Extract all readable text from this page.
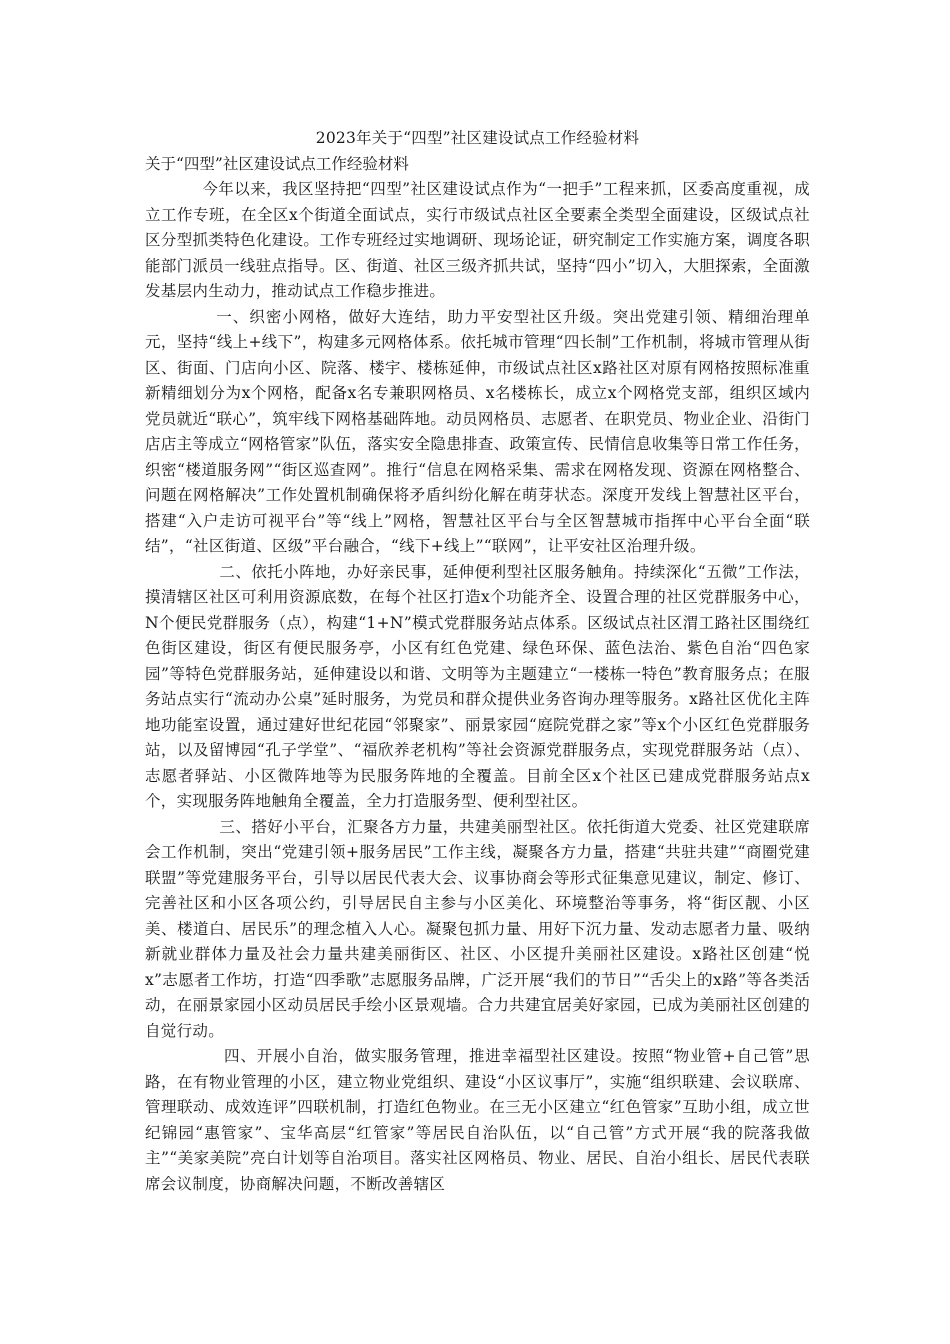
2023年关于“四型”社区建设试点工作经验材料

关于“四型”社区建设试点工作经验材料

今年以来，我区坚持把“四型”社区建设试点作为“一把手”工程来抓，区委高度重视，成立工作专班，在全区x个街道全面试点，实行市级试点社区全要素全类型全面建设，区级试点社区分型抓类特色化建设。工作专班经过实地调研、现场论证，研究制定工作实施方案，调度各职能部门派员一线驻点指导。区、街道、社区三级齐抓共试，坚持“四小”切入，大胆探索，全面激发基层内生动力，推动试点工作稳步推进。

一、织密小网格，做好大连结，助力平安型社区升级。突出党建引领、精细治理单元，坚持“线上+线下”，构建多元网格体系。依托城市管理“四长制”工作机制，将城市管理从街区、街面、门店向小区、院落、楼宇、楼栋延伸，市级试点社区x路社区对原有网格按照标准重新精细划分为x个网格，配备x名专兼职网格员、x名楼栋长，成立x个网格党支部，组织区域内党员就近“联心”，筑牢线下网格基础阵地。动员网格员、志愿者、在职党员、物业企业、沿街门店店主等成立“网格管家”队伍，落实安全隐患排查、政策宣传、民情信息收集等日常工作任务，织密“楼道服务网”“街区巡查网”。推行“信息在网格采集、需求在网格发现、资源在网格整合、问题在网格解决”工作处置机制确保将矛盾纠纷化解在萌芽状态。深度开发线上智慧社区平台，搭建“入户走访可视平台”等“线上”网格，智慧社区平台与全区智慧城市指挥中心平台全面“联结”，“社区街道、区级”平台融合，“线下+线上”“联网”，让平安社区治理升级。

二、依托小阵地，办好亲民事，延伸便利型社区服务触角。持续深化“五微”工作法，摸清辖区社区可利用资源底数，在每个社区打造x个功能齐全、设置合理的社区党群服务中心，N个便民党群服务（点），构建“1+N”模式党群服务站点体系。区级试点社区渭工路社区围绕红色街区建设，街区有便民服务亭，小区有红色党建、绿色环保、蓝色法治、紫色自治“四色家园”等特色党群服务站，延伸建设以和谐、文明等为主题建立“一楼栋一特色”教育服务点；在服务站点实行“流动办公桌”延时服务，为党员和群众提供业务咨询办理等服务。x路社区优化主阵地功能室设置，通过建好世纪花园“邻聚家”、丽景家园“庭院党群之家”等x个小区红色党群服务站，以及留博园“孔子学堂”、“福欣养老机构”等社会资源党群服务点，实现党群服务站（点）、志愿者驿站、小区微阵地等为民服务阵地的全覆盖。目前全区x个社区已建成党群服务站点x个，实现服务阵地触角全覆盖，全力打造服务型、便利型社区。

三、搭好小平台，汇聚各方力量，共建美丽型社区。依托街道大党委、社区党建联席会工作机制，突出“党建引领+服务居民”工作主线，凝聚各方力量，搭建“共驻共建”“商圈党建联盟”等党建服务平台，引导以居民代表大会、议事协商会等形式征集意见建议，制定、修订、完善社区和小区各项公约，引导居民自主参与小区美化、环境整治等事务，将“街区靓、小区美、楼道白、居民乐”的理念植入人心。凝聚包抓力量、用好下沉力量、发动志愿者力量、吸纳新就业群体力量及社会力量共建美丽街区、社区、小区提升美丽社区建设。x路社区创建“悦x”志愿者工作坊，打造“四季歌”志愿服务品牌，广泛开展“我们的节日”“舌尖上的x路”等各类活动，在丽景家园小区动员居民手绘小区景观墙。合力共建宜居美好家园，已成为美丽社区创建的自觉行动。

四、开展小自治，做实服务管理，推进幸福型社区建设。按照“物业管+自己管”思路，在有物业管理的小区，建立物业党组织、建设“小区议事厅”，实施“组织联建、会议联席、管理联动、成效连评”四联机制，打造红色物业。在三无小区建立“红色管家”互助小组，成立世纪锦园“惠管家”、宝华高层“红管家”等居民自治队伍，以“自己管”方式开展“我的院落我做主”“美家美院”亮白计划等自治项目。落实社区网格员、物业、居民、自治小组长、居民代表联席会议制度，协商解决问题，不断改善辖区
